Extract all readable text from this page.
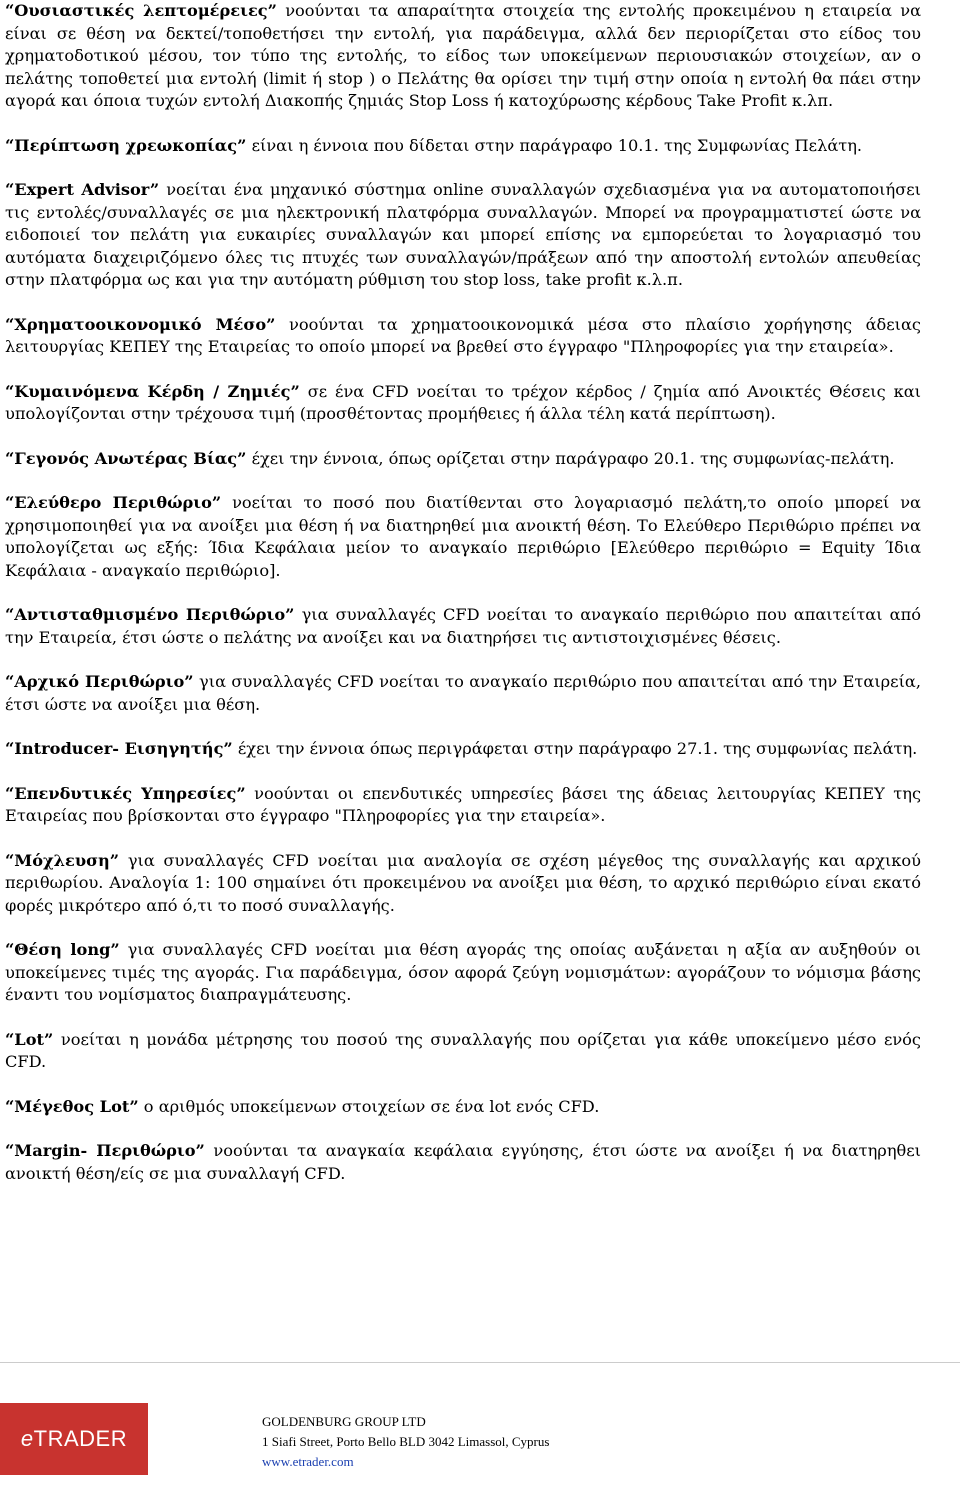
“Ουσιαστικές λεπτομέρειες” νοούνται τα απαραίτητα στοιχεία της εντολής προκειμένου η εταιρεία να είναι σε θέση να δεκτεί/τοποθετήσει την εντολή, για παράδειγμα, αλλά δεν περιορίζεται στο είδος του χρηματοδοτικού μέσου, τον τύπο της εντολής, το είδος των υποκείμενων περιουσιακών στοιχείων, αν ο πελάτης τοποθετεί μια εντολή (limit ή stop ) ο Πελάτης θα ορίσει την τιμή στην οποία η εντολή θα πάει στην αγορά και όποια τυχών εντολή Διακοπής ζημιάς Stop Loss ή κατοχύρωσης κέρδους Take Profit κ.λπ.

“Περίπτωση χρεωκοπίας” είναι η έννοια που δίδεται στην παράγραφο 10.1. της Συμφωνίας Πελάτη.

“Expert Advisor” νοείται ένα μηχανικό σύστημα online συναλλαγών σχεδιασμένα για να αυτοματοποιήσει τις εντολές/συναλλαγές σε μια ηλεκτρονική πλατφόρμα συναλλαγών. Μπορεί να προγραμματιστεί ώστε να ειδοποιεί τον πελάτη για ευκαιρίες συναλλαγών και μπορεί επίσης να εμπορεύεται το λογαριασμό του αυτόματα διαχειριζόμενο όλες τις πτυχές των συναλλαγών/πράξεων από την αποστολή εντολών απευθείας στην πλατφόρμα ως και για την αυτόματη ρύθμιση του stop loss, take profit κ.λ.π.

“Χρηματοοικονομικό Μέσο” νοούνται τα χρηματοοικονομικά μέσα στο πλαίσιο χορήγησης άδειας λειτουργίας ΚΕΠΕΥ της Εταιρείας το οποίο μπορεί να βρεθεί στο έγγραφο "Πληροφορίες για την εταιρεία».

“Κυμαινόμενα Κέρδη / Ζημιές” σε ένα CFD νοείται το τρέχον κέρδος / ζημία από Ανοικτές Θέσεις και υπολογίζονται στην τρέχουσα τιμή (προσθέτοντας προμήθειες ή άλλα τέλη κατά περίπτωση).

“Γεγονός Ανωτέρας Βίας” έχει την έννοια, όπως ορίζεται στην παράγραφο 20.1. της συμφωνίας-πελάτη.

“Ελεύθερο Περιθώριο” νοείται το ποσό που διατίθενται στο λογαριασμό πελάτη,το οποίο μπορεί να χρησιμοποιηθεί για να ανοίξει μια θέση ή να διατηρηθεί μια ανοικτή θέση. Το Ελεύθερο Περιθώριο πρέπει να υπολογίζεται ως εξής: Ίδια Κεφάλαια μείον το αναγκαίο περιθώριο [Ελεύθερο περιθώριο = Equity Ίδια Κεφάλαια - αναγκαίο περιθώριο].

“Αντισταθμισμένο Περιθώριο” για συναλλαγές CFD νοείται το αναγκαίο περιθώριο που απαιτείται από την Εταιρεία, έτσι ώστε ο πελάτης να ανοίξει και να διατηρήσει τις αντιστοιχισμένες θέσεις.

“Αρχικό Περιθώριο” για συναλλαγές CFD νοείται το αναγκαίο περιθώριο που απαιτείται από την Εταιρεία, έτσι ώστε να ανοίξει μια θέση.

“Introducer- Εισηγητής” έχει την έννοια όπως περιγράφεται στην παράγραφο 27.1. της συμφωνίας πελάτη.

“Επενδυτικές Υπηρεσίες” νοούνται οι επενδυτικές υπηρεσίες βάσει της άδειας λειτουργίας ΚΕΠΕΥ της Εταιρείας που βρίσκονται στο έγγραφο "Πληροφορίες για την εταιρεία».

“Μόχλευση” για συναλλαγές CFD νοείται μια αναλογία σε σχέση μέγεθος της συναλλαγής και αρχικού περιθωρίου. Αναλογία 1: 100 σημαίνει ότι προκειμένου να ανοίξει μια θέση, το αρχικό περιθώριο είναι εκατό φορές μικρότερο από ό,τι το ποσό συναλλαγής.

“Θέση long” για συναλλαγές CFD νοείται μια θέση αγοράς της οποίας αυξάνεται η αξία αν αυξηθούν οι υποκείμενες τιμές της αγοράς. Για παράδειγμα, όσον αφορά ζεύγη νομισμάτων: αγοράζουν το νόμισμα βάσης έναντι του νομίσματος διαπραγμάτευσης.

“Lot” νοείται η μονάδα μέτρησης του ποσού της συναλλαγής που ορίζεται για κάθε υποκείμενο μέσο ενός CFD.

“Μέγεθος Lot” ο αριθμός υποκείμενων στοιχείων σε ένα lot ενός CFD.

“Margin- Περιθώριο” νοούνται τα αναγκαία κεφάλαια εγγύησης, έτσι ώστε να ανοίξει ή να διατηρηθει ανοικτή θέση/είς σε μια συναλλαγή CFD.

eTRADER
GOLDENBURG GROUP LTD
1 Siafi Street, Porto Bello BLD 3042 Limassol, Cyprus
www.etrader.com
